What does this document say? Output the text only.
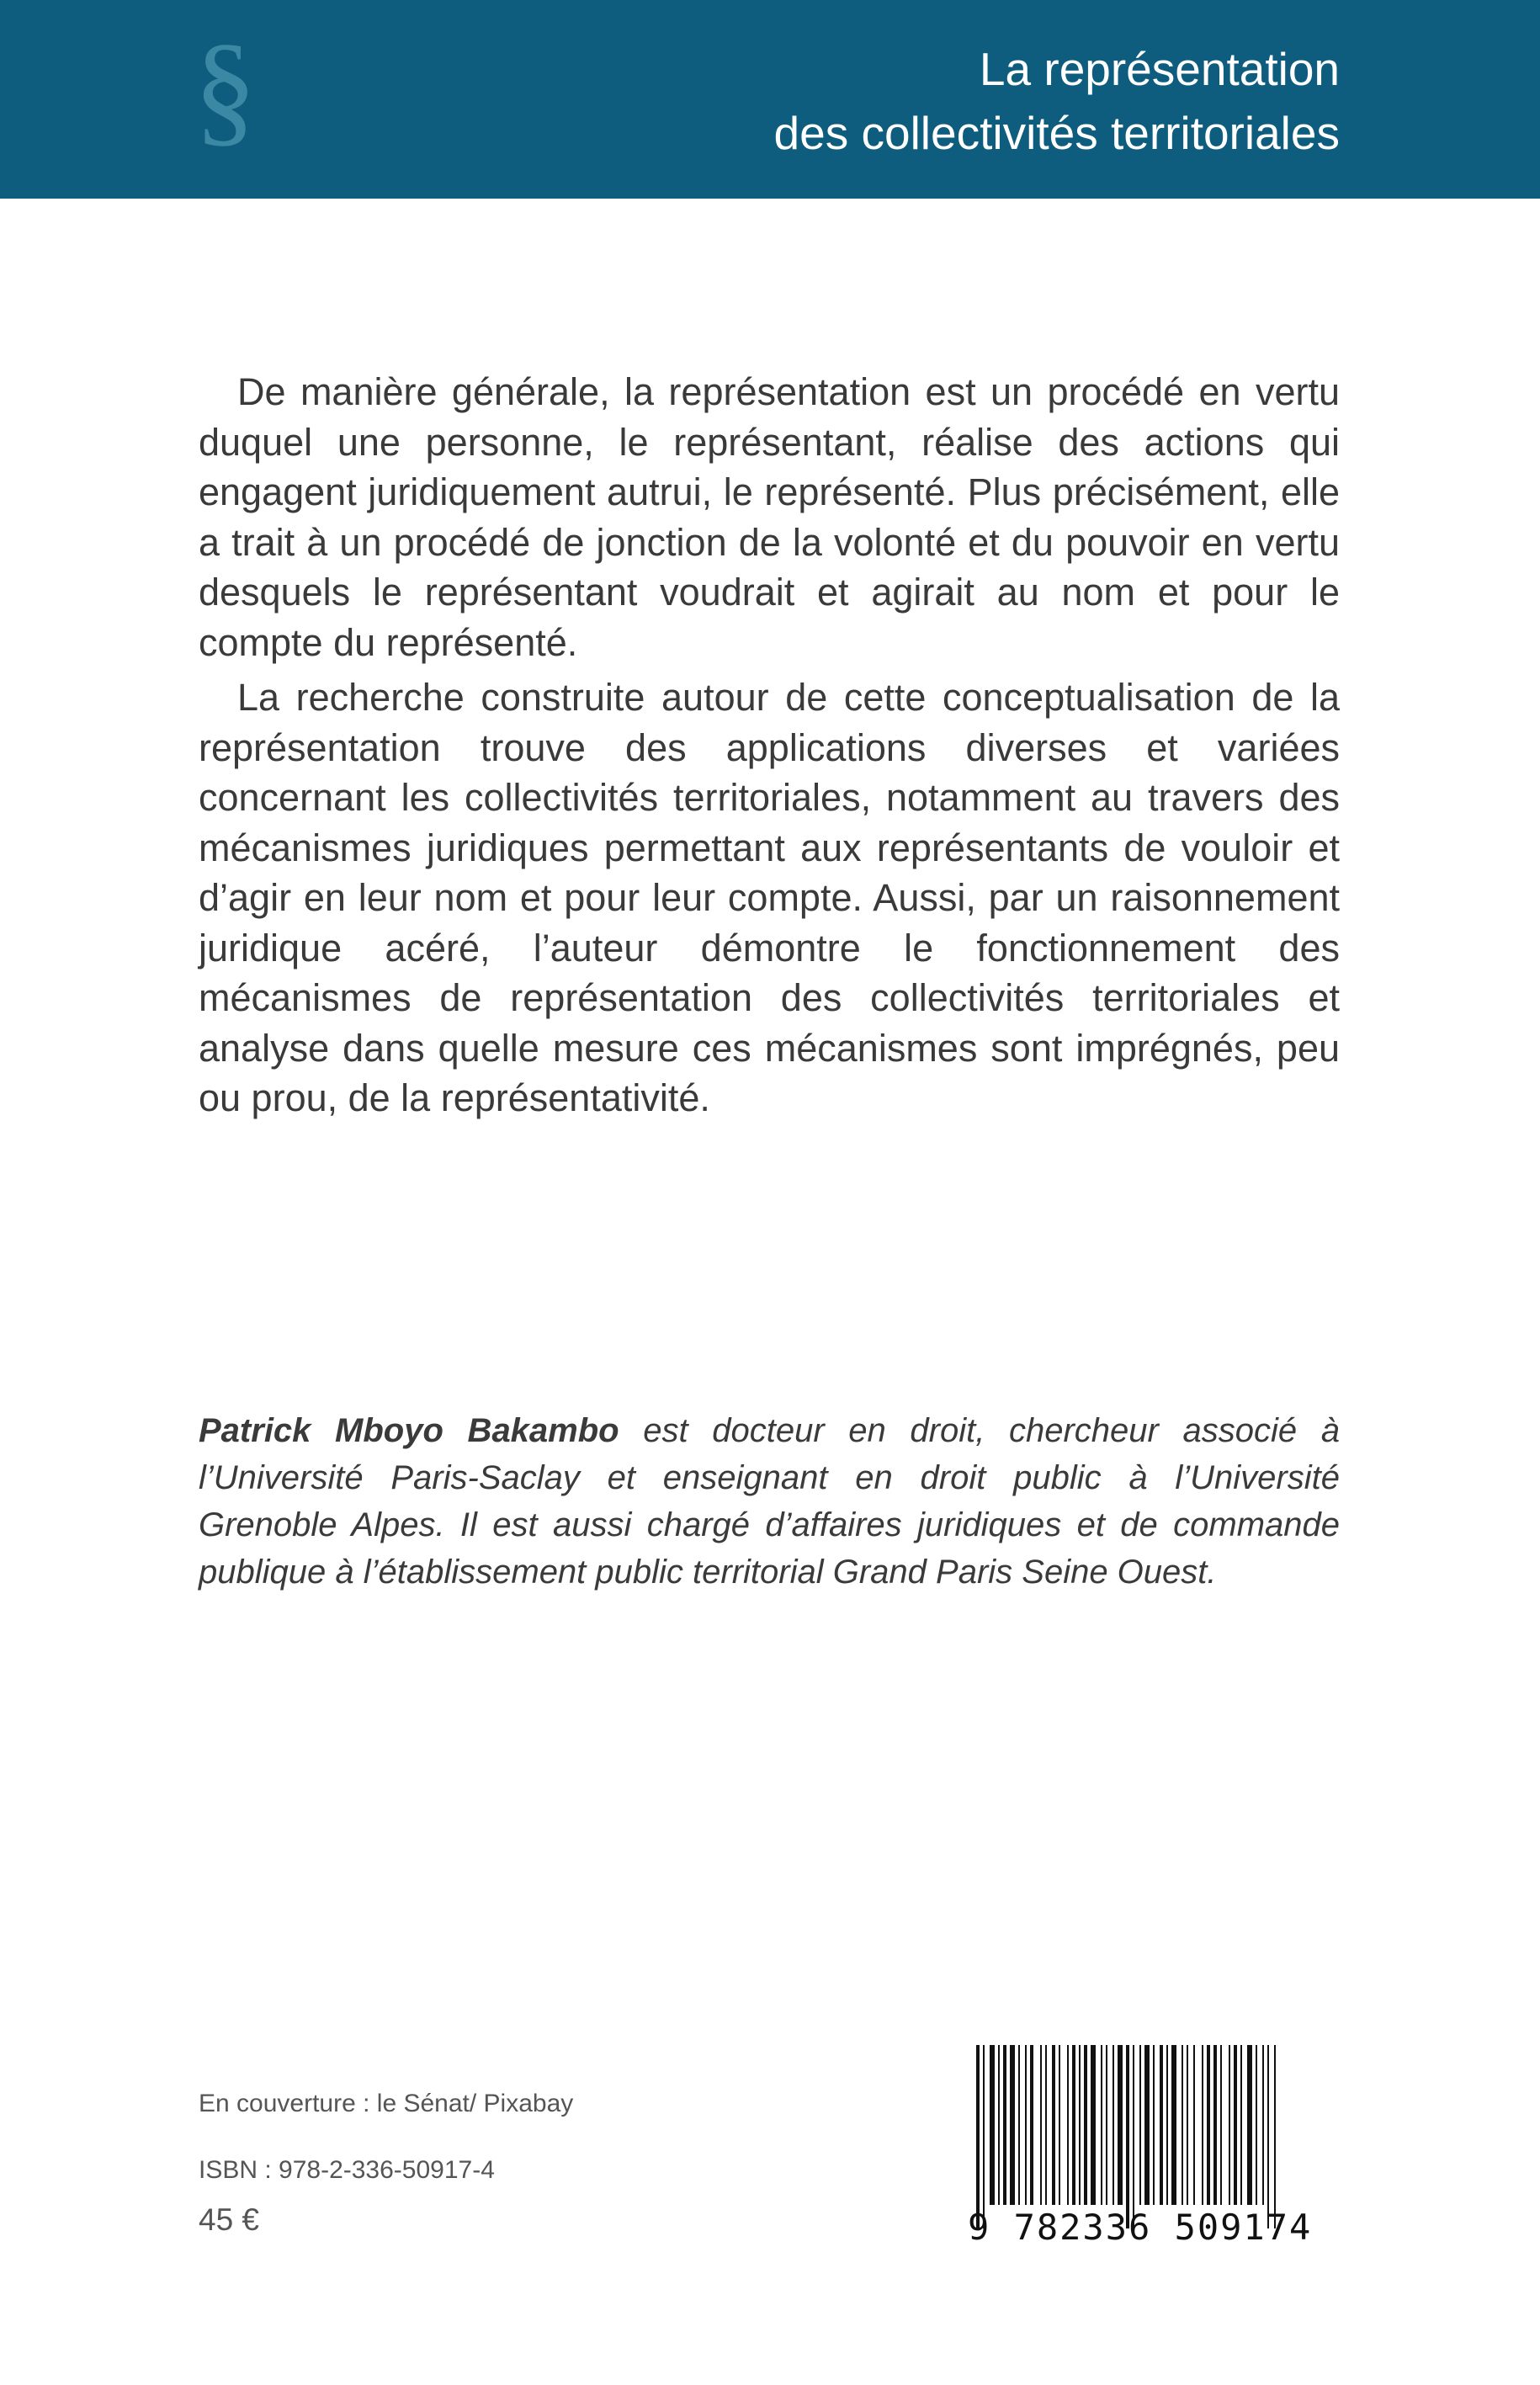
§	La représentation
des collectivités territoriales

De manière générale, la représentation est un procédé en vertu duquel une personne, le représentant, réalise des actions qui engagent juridiquement autrui, le représenté. Plus précisément, elle a trait à un procédé de jonction de la volonté et du pouvoir en vertu desquels le représentant voudrait et agirait au nom et pour le compte du représenté.

La recherche construite autour de cette conceptualisation de la représentation trouve des applications diverses et variées concernant les collectivités territoriales, notamment au travers des mécanismes juridiques permettant aux représentants de vouloir et d’agir en leur nom et pour leur compte. Aussi, par un raisonnement juridique acéré, l’auteur démontre le fonctionnement des mécanismes de représentation des collectivités territoriales et analyse dans quelle mesure ces mécanismes sont imprégnés, peu ou prou, de la représentativité.

Patrick Mboyo Bakambo est docteur en droit, chercheur associé à l’Université Paris-Saclay et enseignant en droit public à l’Université Grenoble Alpes. Il est aussi chargé d’affaires juridiques et de commande publique à l’établissement public territorial Grand Paris Seine Ouest.
En couverture : le Sénat/ Pixabay
ISBN : 978-2-336-50917-4
45 €	9 782336 509174
